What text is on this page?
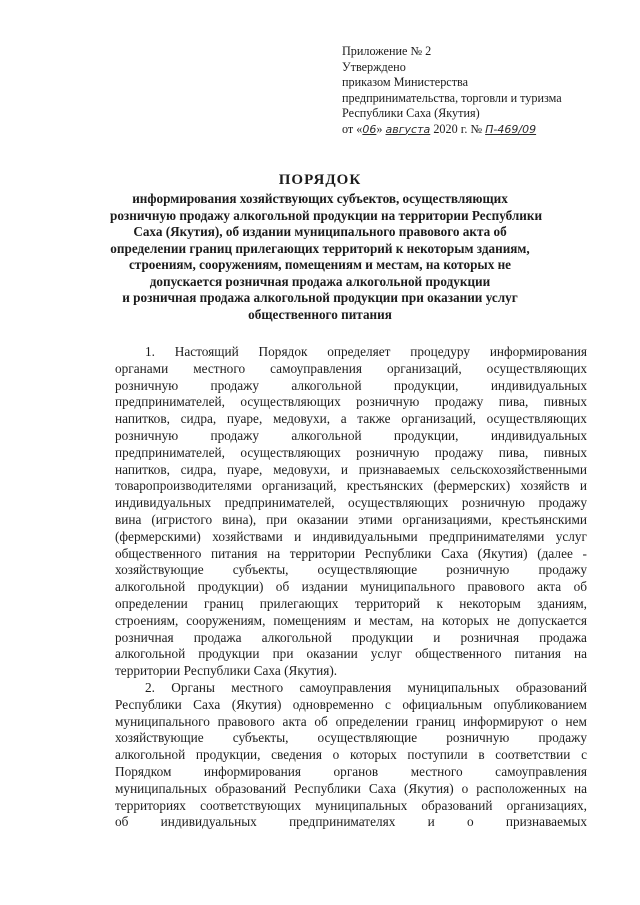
Приложение № 2
Утверждено
приказом Министерства
предпринимательства, торговли и туризма
Республики Саха (Якутия)
от «06» августа 2020 г. № П-469/09
ПОРЯДОК
информирования хозяйствующих субъектов, осуществляющих
розничную продажу алкогольной продукции на территории Республики
Саха (Якутия), об издании муниципального правового акта об
определении границ прилегающих территорий к некоторым зданиям,
строениям, сооружениям, помещениям и местам, на которых не
допускается розничная продажа алкогольной продукции
и розничная продажа алкогольной продукции при оказании услуг
общественного питания
1. Настоящий Порядок определяет процедуру информирования
органами местного самоуправления организаций, осуществляющих
розничную продажу алкогольной продукции, индивидуальных
предпринимателей, осуществляющих розничную продажу пива, пивных
напитков, сидра, пуаре, медовухи, а также организаций, осуществляющих
розничную продажу алкогольной продукции, индивидуальных
предпринимателей, осуществляющих розничную продажу пива, пивных
напитков, сидра, пуаре, медовухи, и признаваемых сельскохозяйственными
товаропроизводителями организаций, крестьянских (фермерских) хозяйств и
индивидуальных предпринимателей, осуществляющих розничную продажу
вина (игристого вина), при оказании этими организациями, крестьянскими
(фермерскими) хозяйствами и индивидуальными предпринимателями услуг
общественного питания на территории Республики Саха (Якутия) (далее -
хозяйствующие субъекты, осуществляющие розничную продажу
алкогольной продукции) об издании муниципального правового акта об
определении границ прилегающих территорий к некоторым зданиям,
строениям, сооружениям, помещениям и местам, на которых не допускается
розничная продажа алкогольной продукции и розничная продажа
алкогольной продукции при оказании услуг общественного питания на
территории Республики Саха (Якутия).
2. Органы местного самоуправления муниципальных образований
Республики Саха (Якутия) одновременно с официальным опубликованием
муниципального правового акта об определении границ информируют о нем
хозяйствующие субъекты, осуществляющие розничную продажу
алкогольной продукции, сведения о которых поступили в соответствии с
Порядком информирования органов местного самоуправления
муниципальных образований Республики Саха (Якутия) о расположенных на
территориях соответствующих муниципальных образований организациях,
об индивидуальных предпринимателях и о признаваемых
